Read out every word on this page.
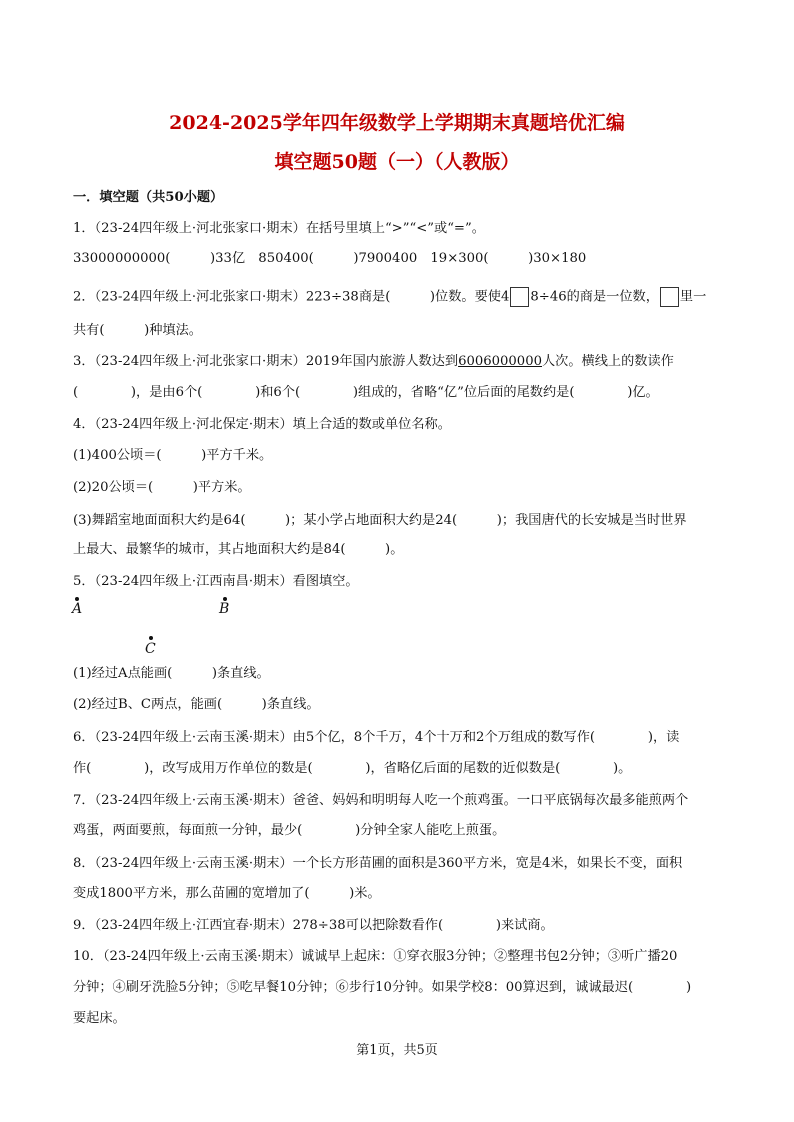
2024-2025学年四年级数学上学期期末真题培优汇编
填空题50题（一）（人教版）
一．填空题（共50小题）
1．（23-24四年级上·河北张家口·期末）在括号里填上“>”“<”或“=”。
33000000000(　　　)33亿　850400(　　　)7900400　19×300(　　　)30×180
2．（23-24四年级上·河北张家口·期末）223÷38商是(　　　)位数。要使4 8÷46的商是一位数， 里一
共有(　　　)种填法。
3．（23-24四年级上·河北张家口·期末）2019年国内旅游人数达到6006000000人次。横线上的数读作
(　　　　)，是由6个(　　　　)和6个(　　　　)组成的，省略“亿”位后面的尾数约是(　　　　)亿。
4．（23-24四年级上·河北保定·期末）填上合适的数或单位名称。
(1)400公顷＝(　　　)平方千米。
(2)20公顷＝(　　　)平方米。
(3)舞蹈室地面面积大约是64(　　　)；某小学占地面积大约是24(　　　)；我国唐代的长安城是当时世界
上最大、最繁华的城市，其占地面积大约是84(　　　)。
5．（23-24四年级上·江西南昌·期末）看图填空。
A	B
C
(1)经过A点能画(　　　)条直线。
(2)经过B、C两点，能画(　　　)条直线。
6．（23-24四年级上·云南玉溪·期末）由5个亿，8个千万，4个十万和2个万组成的数写作(　　　　)，读
作(　　　　)，改写成用万作单位的数是(　　　　)，省略亿后面的尾数的近似数是(　　　　)。
7．（23-24四年级上·云南玉溪·期末）爸爸、妈妈和明明每人吃一个煎鸡蛋。一口平底锅每次最多能煎两个
鸡蛋，两面要煎，每面煎一分钟，最少(　　　　)分钟全家人能吃上煎蛋。
8．（23-24四年级上·云南玉溪·期末）一个长方形苗圃的面积是360平方米，宽是4米，如果长不变，面积
变成1800平方米，那么苗圃的宽增加了(　　　)米。
9．（23-24四年级上·江西宜春·期末）278÷38可以把除数看作(　　　　)来试商。
10．（23-24四年级上·云南玉溪·期末）诚诚早上起床：①穿衣服3分钟；②整理书包2分钟；③听广播20
分钟；④刷牙洗脸5分钟；⑤吃早餐10分钟；⑥步行10分钟。如果学校8：00算迟到，诚诚最迟(　　　　)
要起床。
第1页，共5页
